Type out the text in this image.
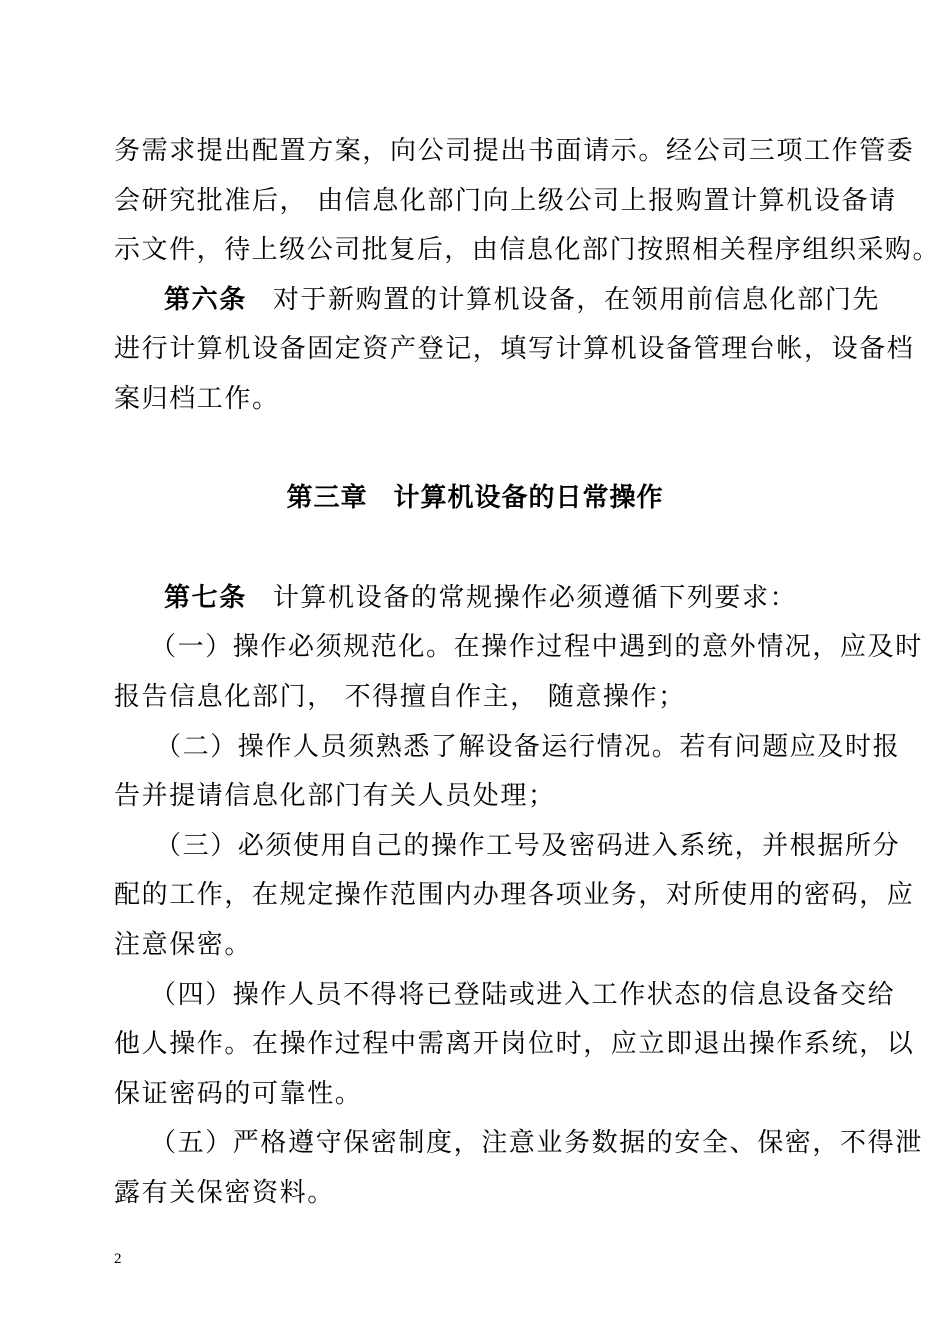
务需求提出配置方案，向公司提出书面请示。经公司三项工作管委
会研究批准后， 由信息化部门向上级公司上报购置计算机设备请
示文件，待上级公司批复后，由信息化部门按照相关程序组织采购。
第六条 对于新购置的计算机设备，在领用前信息化部门先
进行计算机设备固定资产登记，填写计算机设备管理台帐，设备档
案归档工作。
第三章 计算机设备的日常操作
第七条 计算机设备的常规操作必须遵循下列要求：
（一）操作必须规范化。在操作过程中遇到的意外情况，应及时
报告信息化部门， 不得擅自作主， 随意操作；
（二）操作人员须熟悉了解设备运行情况。若有问题应及时报
告并提请信息化部门有关人员处理；
（三）必须使用自己的操作工号及密码进入系统，并根据所分
配的工作，在规定操作范围内办理各项业务，对所使用的密码，应
注意保密。
（四）操作人员不得将已登陆或进入工作状态的信息设备交给
他人操作。在操作过程中需离开岗位时，应立即退出操作系统，以
保证密码的可靠性。
（五）严格遵守保密制度，注意业务数据的安全、保密，不得泄
露有关保密资料。
2
